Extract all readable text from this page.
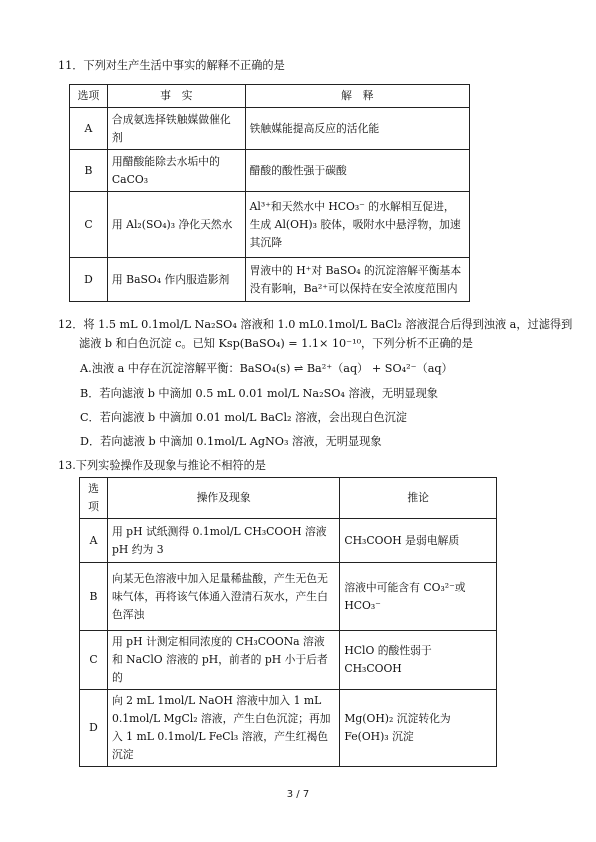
11．下列对生产生活中事实的解释不正确的是
选项	事　实	解　释
A	合成氨选择铁触媒做催化剂	铁触媒能提高反应的活化能
B	用醋酸能除去水垢中的CaCO₃	醋酸的酸性强于碳酸
C	用 Al₂(SO₄)₃ 净化天然水	Al³⁺和天然水中 HCO₃⁻ 的水解相互促进，生成 Al(OH)₃ 胶体，吸附水中悬浮物，加速其沉降
D	用 BaSO₄ 作内服造影剂	胃液中的 H⁺对 BaSO₄ 的沉淀溶解平衡基本没有影响，Ba²⁺可以保持在安全浓度范围内
12．将 1.5 mL 0.1mol/L Na₂SO₄ 溶液和 1.0 mL0.1mol/L BaCl₂ 溶液混合后得到浊液 a，过滤得到
滤液 b 和白色沉淀 c。已知 Ksp(BaSO₄) = 1.1× 10⁻¹⁰，下列分析不正确的是
A.浊液 a 中存在沉淀溶解平衡：BaSO₄(s) ⇌ Ba²⁺（aq） + SO₄²⁻（aq）
B．若向滤液 b 中滴加 0.5 mL 0.01 mol/L Na₂SO₄ 溶液，无明显现象
C．若向滤液 b 中滴加 0.01 mol/L BaCl₂ 溶液，会出现白色沉淀
D．若向滤液 b 中滴加 0.1mol/L AgNO₃ 溶液，无明显现象
13.下列实验操作及现象与推论不相符的是
选项	操作及现象	推论
A	用 pH 试纸测得 0.1mol/L CH₃COOH 溶液 pH 约为 3	CH₃COOH 是弱电解质
B	向某无色溶液中加入足量稀盐酸，产生无色无味气体，再将该气体通入澄清石灰水，产生白色浑浊	溶液中可能含有 CO₃²⁻或 HCO₃⁻
C	用 pH 计测定相同浓度的 CH₃COONa 溶液和 NaClO 溶液的 pH，前者的 pH 小于后者的	HClO 的酸性弱于 CH₃COOH
D	向 2 mL 1mol/L NaOH 溶液中加入 1 mL 0.1mol/L MgCl₂ 溶液，产生白色沉淀；再加入 1 mL 0.1mol/L FeCl₃ 溶液，产生红褐色沉淀	Mg(OH)₂ 沉淀转化为 Fe(OH)₃ 沉淀
3 / 7
